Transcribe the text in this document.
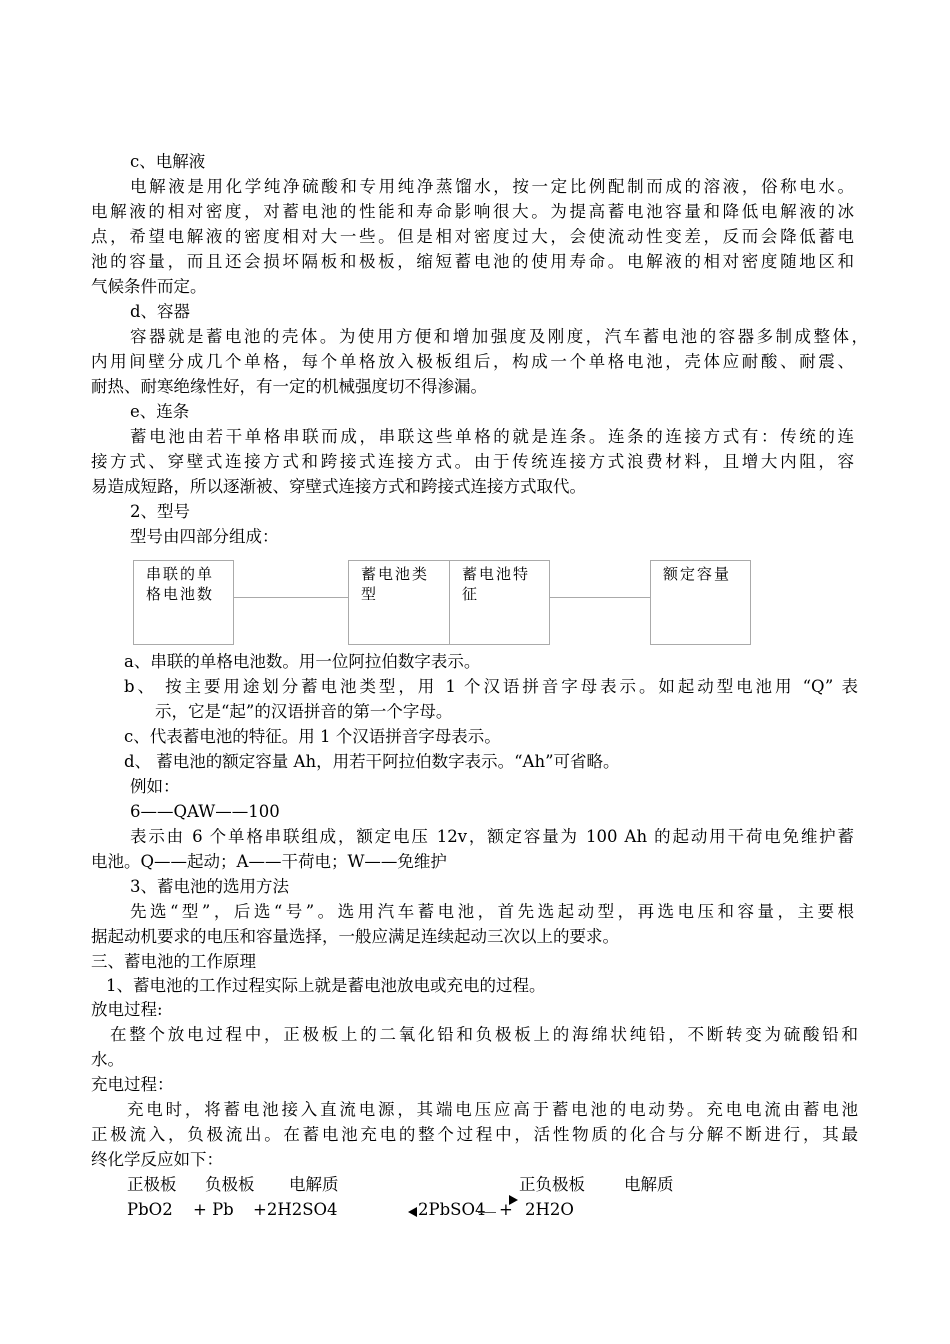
c、电解液
电解液是用化学纯净硫酸和专用纯净蒸馏水，按一定比例配制而成的溶液，俗称电水。
电解液的相对密度，对蓄电池的性能和寿命影响很大。为提高蓄电池容量和降低电解液的冰
点，希望电解液的密度相对大一些。但是相对密度过大，会使流动性变差，反而会降低蓄电
池的容量，而且还会损坏隔板和极板，缩短蓄电池的使用寿命。电解液的相对密度随地区和
气候条件而定。
d、容器
容器就是蓄电池的壳体。为使用方便和增加强度及刚度，汽车蓄电池的容器多制成整体，
内用间壁分成几个单格，每个单格放入极板组后，构成一个单格电池，壳体应耐酸、耐震、
耐热、耐寒绝缘性好，有一定的机械强度切不得渗漏。
e、连条
蓄电池由若干单格串联而成，串联这些单格的就是连条。连条的连接方式有：传统的连
接方式、穿壁式连接方式和跨接式连接方式。由于传统连接方式浪费材料，且增大内阻，容
易造成短路，所以逐渐被、穿壁式连接方式和跨接式连接方式取代。
2、型号
型号由四部分组成：
串联的单格电池数
蓄电池类型
蓄电池特征
额定容量
a、串联的单格电池数。用一位阿拉伯数字表示。
b、 按主要用途划分蓄电池类型，用 1 个汉语拼音字母表示。如起动型电池用 “Q” 表
示，它是“起”的汉语拼音的第一个字母。
c、代表蓄电池的特征。用 1 个汉语拼音字母表示。
d、 蓄电池的额定容量 Ah，用若干阿拉伯数字表示。“Ah”可省略。
例如：
6——QAW——100
表示由 6 个单格串联组成，额定电压 12v，额定容量为 100 Ah 的起动用干荷电免维护蓄
电池。Q——起动；A——干荷电；W——免维护
3、蓄电池的选用方法
先选“型”，后选“号”。选用汽车蓄电池，首先选起动型，再选电压和容量，主要根
据起动机要求的电压和容量选择，一般应满足连续起动三次以上的要求。
三、蓄电池的工作原理
1、蓄电池的工作过程实际上就是蓄电池放电或充电的过程。
放电过程:
在整个放电过程中，正极板上的二氧化铅和负极板上的海绵状纯铅，不断转变为硫酸铅和
水。
充电过程：
充电时，将蓄电池接入直流电源，其端电压应高于蓄电池的电动势。充电电流由蓄电池
正极流入，负极流出。在蓄电池充电的整个过程中，活性物质的化合与分解不断进行，其最
终化学反应如下：
正极板 负极板 电解质	正负极板 电解质
PbO2 + Pb +2H2SO4	2PbSO4 + 2H2O
